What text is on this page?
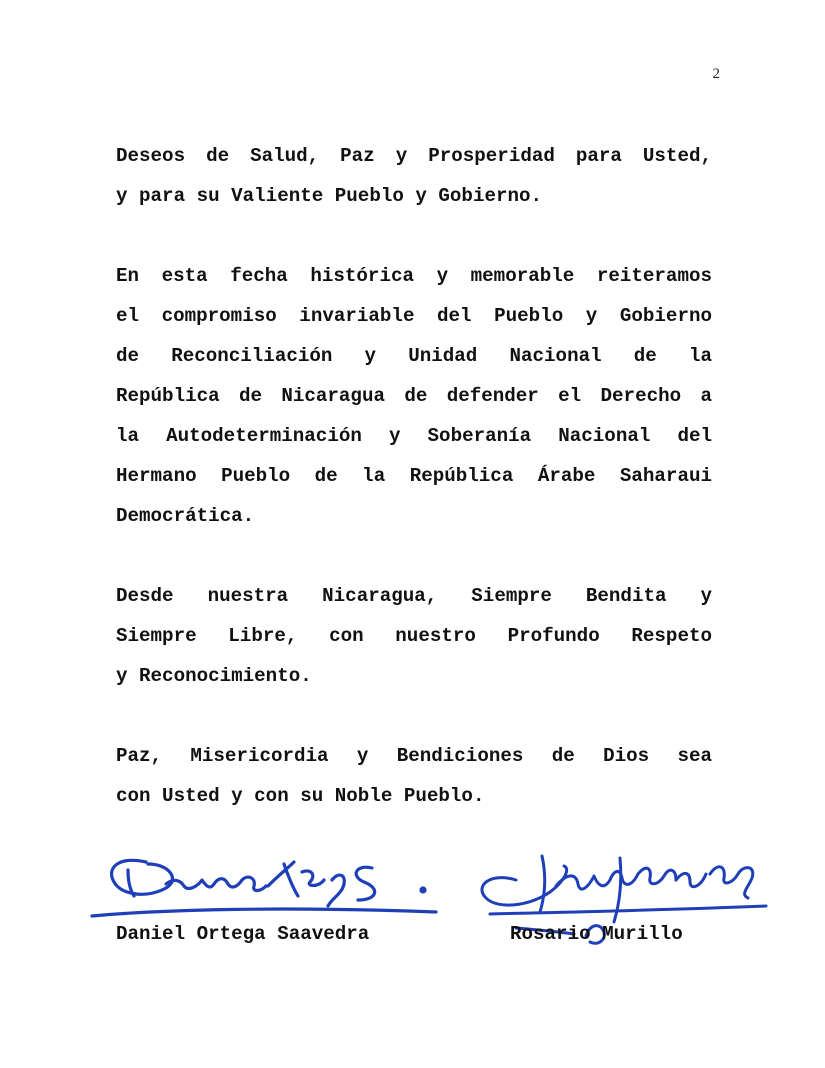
2

Deseos de Salud, Paz y Prosperidad para Usted,
y para su Valiente Pueblo y Gobierno.

En esta fecha histórica y memorable reiteramos
el compromiso invariable del Pueblo y Gobierno
de Reconciliación y Unidad Nacional de la
República de Nicaragua de defender el Derecho a
la Autodeterminación y Soberanía Nacional del
Hermano Pueblo de la República Árabe Saharaui
Democrática.

Desde nuestra Nicaragua, Siempre Bendita y
Siempre Libre, con nuestro Profundo Respeto
y Reconocimiento.

Paz, Misericordia y Bendiciones de Dios sea
con Usted y con su Noble Pueblo.

Daniel Ortega Saavedra	Rosario Murillo
